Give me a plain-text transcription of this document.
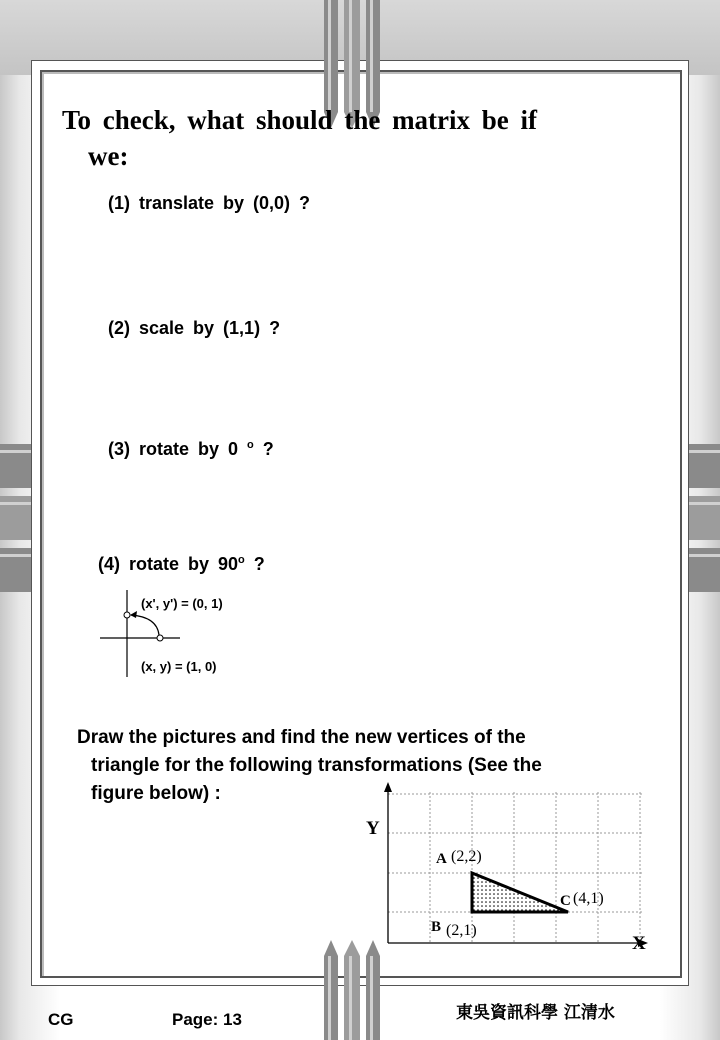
To check, what should the matrix be if
we:
(1) translate by (0,0) ?
(2) scale by (1,1) ?
(3) rotate by 0 $^o$ ?
(4) rotate by 90$^o$ ?
(x', y') = (0, 1)
(x, y) = (1, 0)
Draw the pictures and find the new vertices of the
triangle for the following transformations (See the
figure below) :
Y
X
A (2,2)
B (2,1)
C (4,1)
CG	Page: 13	東吳資訊科學 江清水
